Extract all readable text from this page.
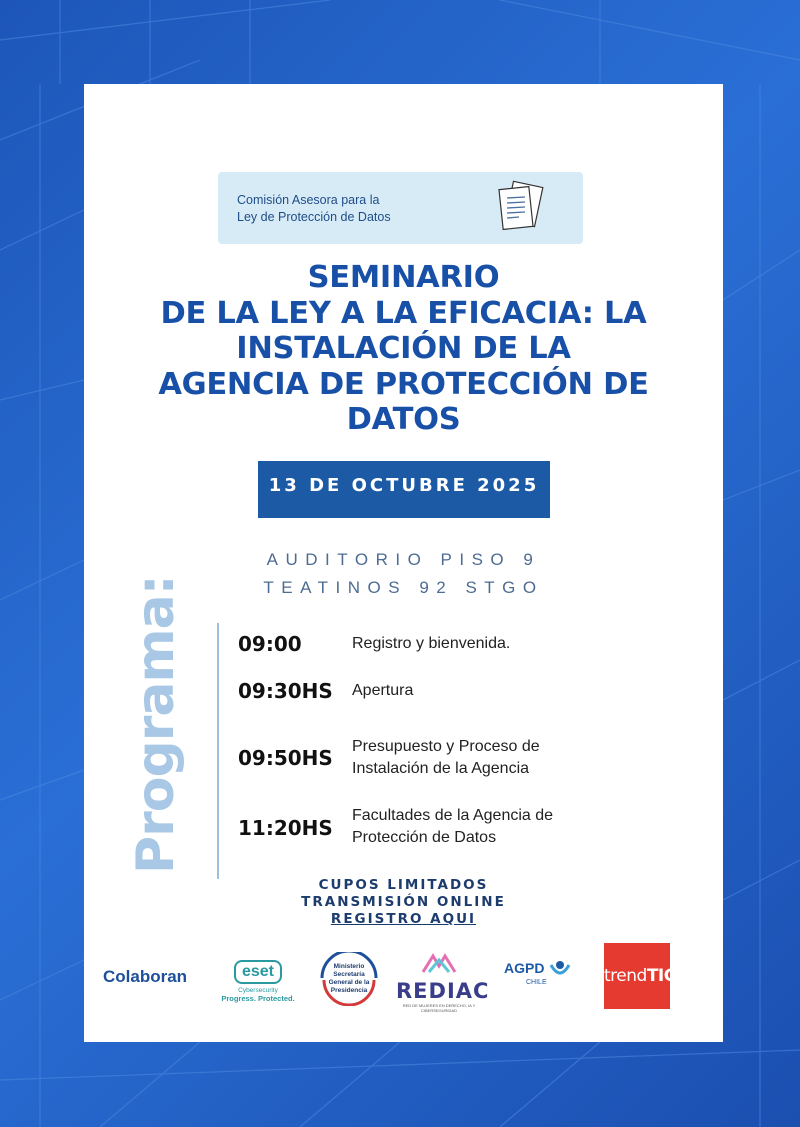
Comisión Asesora para la
Ley de Protección de Datos
SEMINARIO
DE LA LEY A LA EFICACIA: LA
INSTALACIÓN DE LA
AGENCIA DE PROTECCIÓN DE
DATOS
13 DE OCTUBRE 2025
AUDITORIO PISO 9
TEATINOS 92 STGO
Programa:	09:00	Registro y bienvenida.
09:30HS Apertura
09:50HS Presupuesto y Proceso de
Instalación de la Agencia
11:20HS
Facultades de la Agencia de
Protección de Datos
CUPOS LIMITADOS
TRANSMISIÓN ONLINE
REGISTRO AQUI
Colaboran	eset
Cybersecurity
Progress. Protected.
Ministerio
Secretaría
General de la
Presidencia REDIAC
RED DE MUJERES EN DERECHO, IA Y CIBERSEGURIDAD
AGPD
CHILE	trendTIC
